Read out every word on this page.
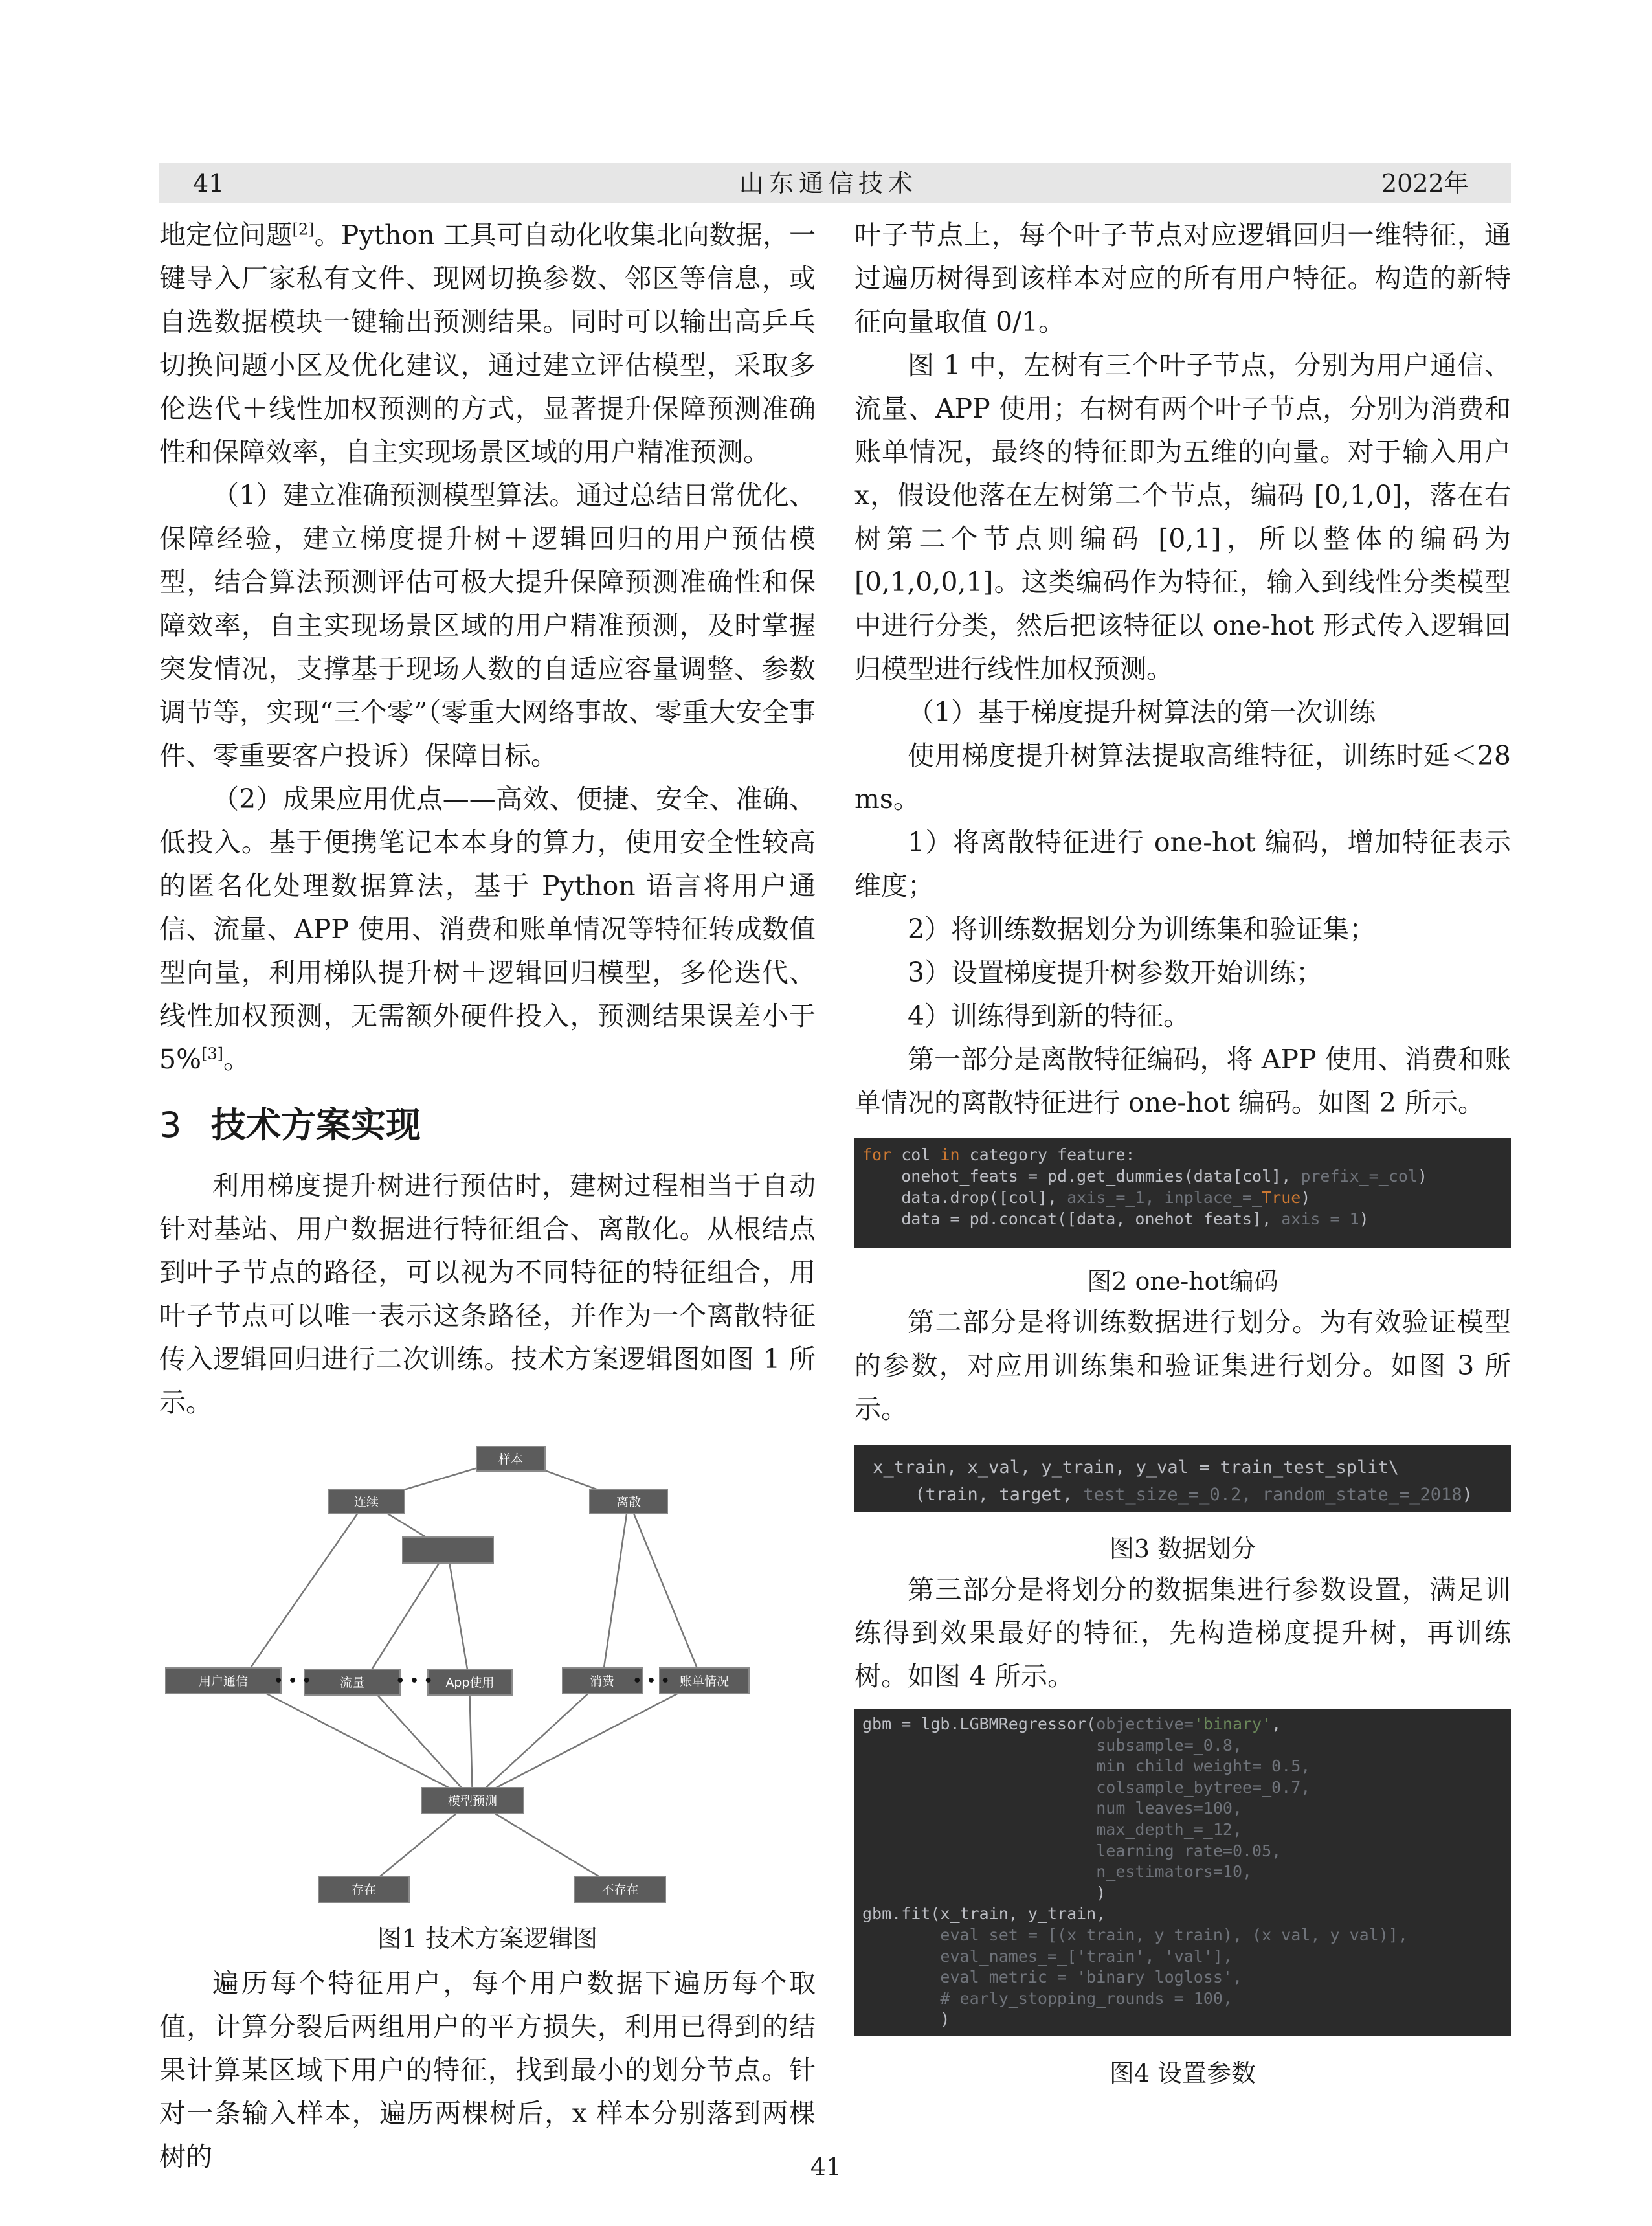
41	山东通信技术	2022年

地定位问题[2]。Python 工具可自动化收集北向数据，一键导入厂家私有文件、现网切换参数、邻区等信息，或自选数据模块一键输出预测结果。同时可以输出高乒乓切换问题小区及优化建议，通过建立评估模型，采取多伦迭代＋线性加权预测的方式，显著提升保障预测准确性和保障效率，自主实现场景区域的用户精准预测。

（1）建立准确预测模型算法。通过总结日常优化、保障经验，建立梯度提升树＋逻辑回归的用户预估模型，结合算法预测评估可极大提升保障预测准确性和保障效率，自主实现场景区域的用户精准预测，及时掌握突发情况，支撑基于现场人数的自适应容量调整、参数调节等，实现“三个零”（零重大网络事故、零重大安全事件、零重要客户投诉）保障目标。

（2）成果应用优点——高效、便捷、安全、准确、低投入。基于便携笔记本本身的算力，使用安全性较高的匿名化处理数据算法，基于 Python 语言将用户通信、流量、APP 使用、消费和账单情况等特征转成数值型向量，利用梯队提升树＋逻辑回归模型，多伦迭代、线性加权预测，无需额外硬件投入，预测结果误差小于 5%[3]。

3 技术方案实现

利用梯度提升树进行预估时，建树过程相当于自动针对基站、用户数据进行特征组合、离散化。从根结点到叶子节点的路径，可以视为不同特征的特征组合，用叶子节点可以唯一表示这条路径，并作为一个离散特征传入逻辑回归进行二次训练。技术方案逻辑图如图 1 所示。

样本
连续	离散
用户通信	流量	App使用	消费	账单情况
模型预测
存在	不存在
• • •	• • •	• • •

图1 技术方案逻辑图

遍历每个特征用户，每个用户数据下遍历每个取值，计算分裂后两组用户的平方损失，利用已得到的结果计算某区域下用户的特征，找到最小的划分节点。针对一条输入样本，遍历两棵树后，x 样本分别落到两棵树的

叶子节点上，每个叶子节点对应逻辑回归一维特征，通过遍历树得到该样本对应的所有用户特征。构造的新特征向量取值 0/1。

图 1 中，左树有三个叶子节点，分别为用户通信、流量、APP 使用；右树有两个叶子节点，分别为消费和账单情况，最终的特征即为五维的向量。对于输入用户 x，假设他落在左树第二个节点，编码 [0,1,0]，落在右树第二个节点则编码 [0,1]，所以整体的编码为 [0,1,0,0,1]。这类编码作为特征，输入到线性分类模型中进行分类，然后把该特征以 one-hot 形式传入逻辑回归模型进行线性加权预测。

（1）基于梯度提升树算法的第一次训练

使用梯度提升树算法提取高维特征，训练时延＜28 ms。

1）将离散特征进行 one-hot 编码，增加特征表示维度；

2）将训练数据划分为训练集和验证集；

3）设置梯度提升树参数开始训练；

4）训练得到新的特征。

第一部分是离散特征编码，将 APP 使用、消费和账单情况的离散特征进行 one-hot 编码。如图 2 所示。

for col in category_feature:
onehot_feats = pd.get_dummies(data[col], prefix_=_col)
data.drop([col], axis_=_1, inplace_=_True)
data = pd.concat([data, onehot_feats], axis_=_1)

图2 one-hot编码

第二部分是将训练数据进行划分。为有效验证模型的参数，对应用训练集和验证集进行划分。如图 3 所示。

x_train, x_val, y_train, y_val = train_test_split\
(train, target, test_size_=_0.2, random_state_=_2018)

图3 数据划分

第三部分是将划分的数据集进行参数设置，满足训练得到效果最好的特征，先构造梯度提升树，再训练树。如图 4 所示。

gbm = lgb.LGBMRegressor(objective='binary',
subsample=_0.8,
min_child_weight=_0.5,
colsample_bytree=_0.7,
num_leaves=100,
max_depth_=_12,
learning_rate=0.05,
n_estimators=10,
)
gbm.fit(x_train, y_train,
eval_set_=_[(x_train, y_train), (x_val, y_val)],
eval_names_=_['train', 'val'],
eval_metric_=_'binary_logloss',
# early_stopping_rounds = 100,
)

图4 设置参数

41
